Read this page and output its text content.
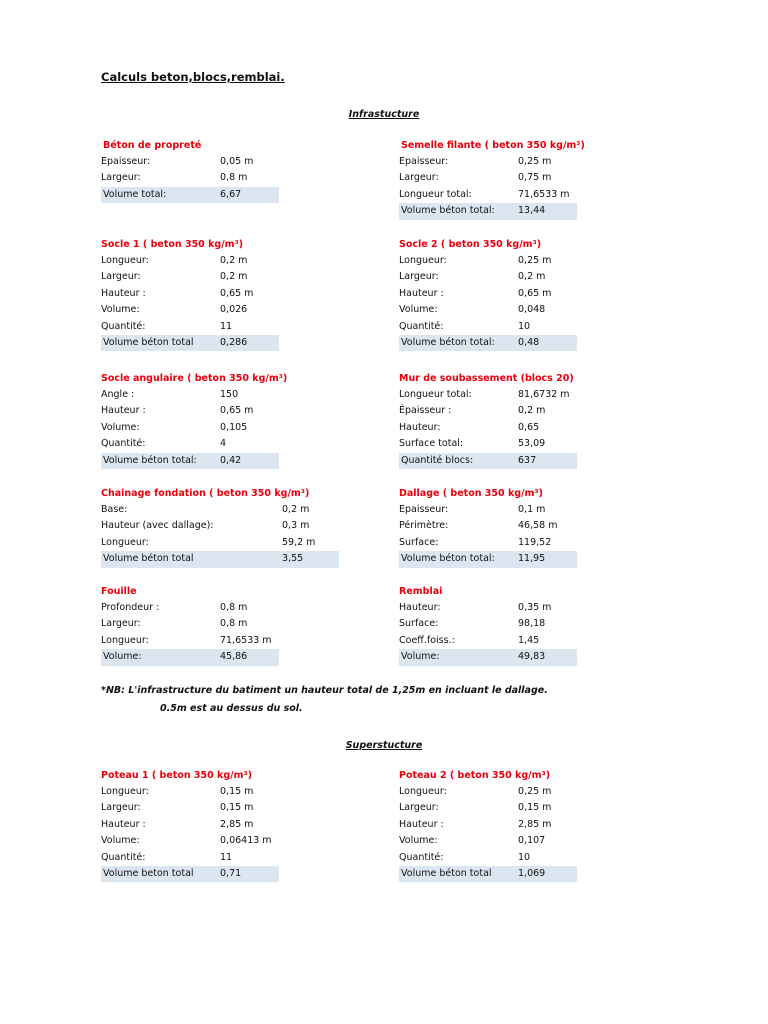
Calculs beton,blocs,remblai.
Infrastucture
Béton de propreté
Epaisseur:	0,05 m
Largeur:	0,8 m
Volume total:	6,67
Semelle filante ( beton 350 kg/m³)
Epaisseur:	0,25 m
Largeur:	0,75 m
Longueur total:	71,6533 m
Volume béton total: 13,44
Socle 1 ( beton 350 kg/m³)
Longueur:	0,2 m
Largeur:	0,2 m
Hauteur :	0,65 m
Volume:	0,026
Quantité:	11
Volume béton total	0,286
Socle 2 ( beton 350 kg/m³)
Longueur:	0,25 m
Largeur:	0,2 m
Hauteur :	0,65 m
Volume:	0,048
Quantité:	10
Volume béton total: 0,48
Socle angulaire ( beton 350 kg/m³)
Angle :	150
Hauteur :	0,65 m
Volume:	0,105
Quantité:	4
Volume béton total: 0,42
Mur de soubassement (blocs 20)
Longueur total:	81,6732 m
Épaisseur :	0,2 m
Hauteur:	0,65
Surface total:	53,09
Quantité blocs:	637
Chainage fondation ( beton 350 kg/m³)
Base:	0,2 m
Hauteur (avec dallage):	0,3 m
Longueur:	59,2 m
Volume béton total	3,55
Dallage ( beton 350 kg/m³)
Epaisseur:	0,1 m
Périmètre:	46,58 m
Surface:	119,52
Volume béton total: 11,95
Fouille
Profondeur :	0,8 m
Largeur:	0,8 m
Longueur:	71,6533 m
Volume:	45,86
Remblai
Hauteur:	0,35 m
Surface:	98,18
Coeff.foiss.:	1,45
Volume:	49,83
Poteau 1 ( beton 350 kg/m³)
Longueur:	0,15 m
Largeur:	0,15 m
Hauteur :	2,85 m
Volume:	0,06413 m
Quantité:	11
Volume beton total	0,71
Poteau 2 ( beton 350 kg/m³)
Longueur:	0,25 m
Largeur:	0,15 m
Hauteur :	2,85 m
Volume:	0,107
Quantité:	10
Volume béton total	1,069
*NB: L'infrastructure du batiment un hauteur total de 1,25m en incluant le dallage.
0.5m est au dessus du sol.
Superstucture
